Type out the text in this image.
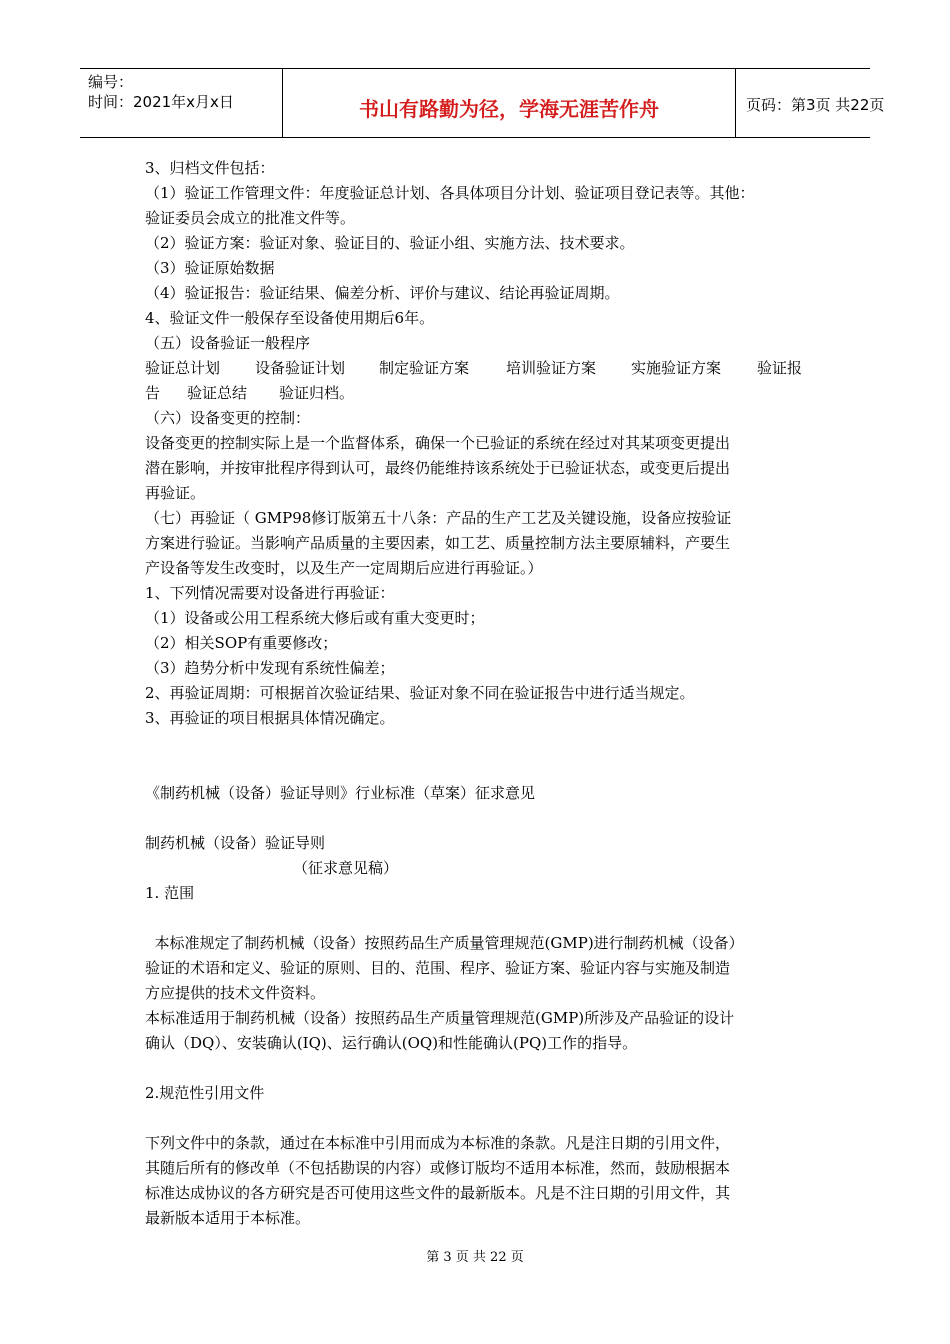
编号：
时间：2021年x月x日	书山有路勤为径，学海无涯苦作舟	页码：第3页 共22页
3、归档文件包括：
（1）验证工作管理文件：年度验证总计划、各具体项目分计划、验证项目登记表等。其他：
验证委员会成立的批准文件等。
（2）验证方案：验证对象、验证目的、验证小组、实施方法、技术要求。
（3）验证原始数据
（4）验证报告：验证结果、偏差分析、评价与建议、结论再验证周期。
4、验证文件一般保存至设备使用期后6年。
（五）设备验证一般程序
验证总计划 设备验证计划 制定验证方案 培训验证方案 实施验证方案 验证报
告 验证总结 验证归档。
（六）设备变更的控制：
设备变更的控制实际上是一个监督体系，确保一个已验证的系统在经过对其某项变更提出
潜在影响，并按审批程序得到认可，最终仍能维持该系统处于已验证状态，或变更后提出
再验证。
（七）再验证（ GMP98修订版第五十八条：产品的生产工艺及关键设施，设备应按验证
方案进行验证。当影响产品质量的主要因素，如工艺、质量控制方法主要原辅料，产要生
产设备等发生改变时，以及生产一定周期后应进行再验证。）
1、下列情况需要对设备进行再验证：
（1）设备或公用工程系统大修后或有重大变更时；
（2）相关SOP有重要修改；
（3）趋势分析中发现有系统性偏差；
2、再验证周期：可根据首次验证结果、验证对象不同在验证报告中进行适当规定。
3、再验证的项目根据具体情况确定。
《制药机械（设备）验证导则》行业标准（草案）征求意见
制药机械（设备）验证导则
（征求意见稿）
1. 范围
本标准规定了制药机械（设备）按照药品生产质量管理规范(GMP)进行制药机械（设备）
验证的术语和定义、验证的原则、目的、范围、程序、验证方案、验证内容与实施及制造
方应提供的技术文件资料。
本标准适用于制药机械（设备）按照药品生产质量管理规范(GMP)所涉及产品验证的设计
确认（DQ）、安装确认(IQ)、运行确认(OQ)和性能确认(PQ)工作的指导。
2.规范性引用文件
下列文件中的条款，通过在本标准中引用而成为本标准的条款。凡是注日期的引用文件，
其随后所有的修改单（不包括勘误的内容）或修订版均不适用本标准，然而，鼓励根据本
标准达成协议的各方研究是否可使用这些文件的最新版本。凡是不注日期的引用文件，其
最新版本适用于本标准。
第 3 页 共 22 页
